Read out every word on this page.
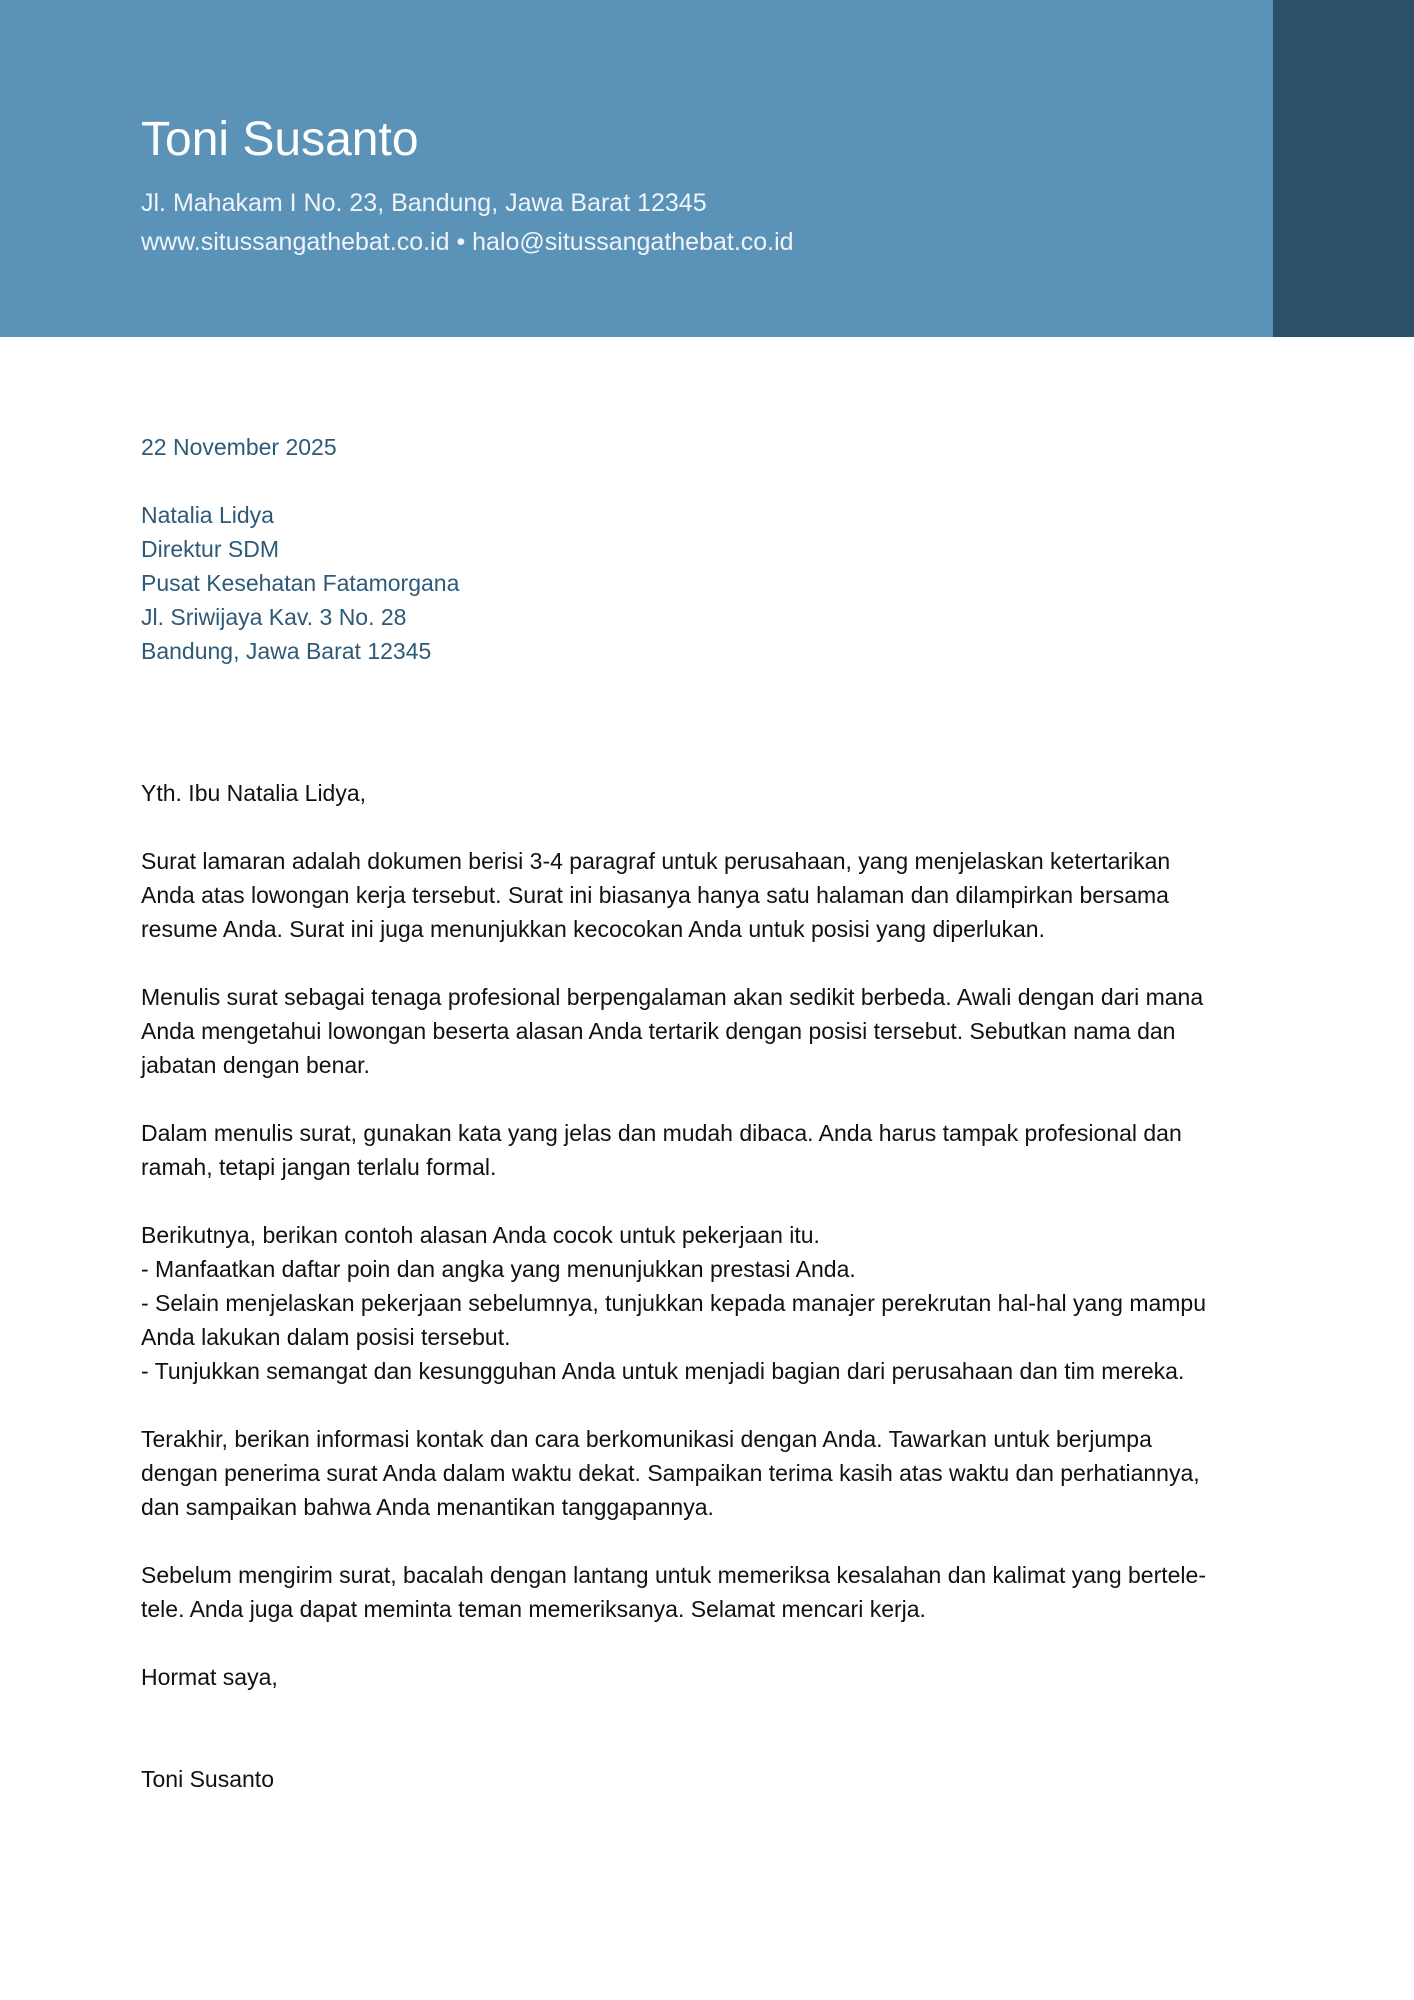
Toni Susanto
Jl. Mahakam I No. 23, Bandung, Jawa Barat 12345
www.situssangathebat.co.id • halo@situssangathebat.co.id
22 November 2025
Natalia Lidya
Direktur SDM
Pusat Kesehatan Fatamorgana
Jl. Sriwijaya Kav. 3 No. 28
Bandung, Jawa Barat 12345

Yth. Ibu Natalia Lidya,

Surat lamaran adalah dokumen berisi 3-4 paragraf untuk perusahaan, yang menjelaskan ketertarikan
Anda atas lowongan kerja tersebut. Surat ini biasanya hanya satu halaman dan dilampirkan bersama
resume Anda. Surat ini juga menunjukkan kecocokan Anda untuk posisi yang diperlukan.

Menulis surat sebagai tenaga profesional berpengalaman akan sedikit berbeda. Awali dengan dari mana
Anda mengetahui lowongan beserta alasan Anda tertarik dengan posisi tersebut. Sebutkan nama dan
jabatan dengan benar.

Dalam menulis surat, gunakan kata yang jelas dan mudah dibaca. Anda harus tampak profesional dan
ramah, tetapi jangan terlalu formal.

Berikutnya, berikan contoh alasan Anda cocok untuk pekerjaan itu.
- Manfaatkan daftar poin dan angka yang menunjukkan prestasi Anda.
- Selain menjelaskan pekerjaan sebelumnya, tunjukkan kepada manajer perekrutan hal-hal yang mampu
Anda lakukan dalam posisi tersebut.
- Tunjukkan semangat dan kesungguhan Anda untuk menjadi bagian dari perusahaan dan tim mereka.

Terakhir, berikan informasi kontak dan cara berkomunikasi dengan Anda. Tawarkan untuk berjumpa
dengan penerima surat Anda dalam waktu dekat. Sampaikan terima kasih atas waktu dan perhatiannya,
dan sampaikan bahwa Anda menantikan tanggapannya.

Sebelum mengirim surat, bacalah dengan lantang untuk memeriksa kesalahan dan kalimat yang bertele-
tele. Anda juga dapat meminta teman memeriksanya. Selamat mencari kerja.

Hormat saya,

Toni Susanto
